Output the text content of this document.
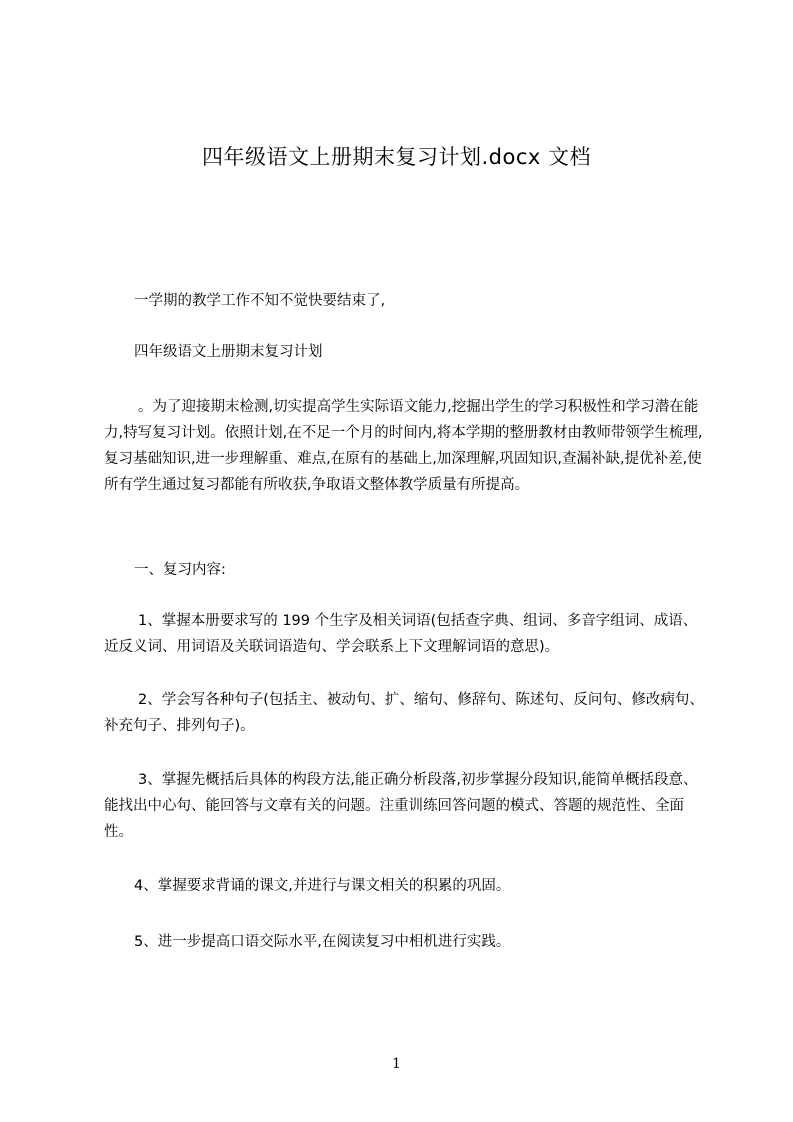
四年级语文上册期末复习计划.docx 文档

一学期的教学工作不知不觉快要结束了,

四年级语文上册期末复习计划

。为了迎接期末检测,切实提高学生实际语文能力,挖掘出学生的学习积极性和学习潜在能力,特写复习计划。依照计划,在不足一个月的时间内,将本学期的整册教材由教师带领学生梳理,复习基础知识,进一步理解重、难点,在原有的基础上,加深理解,巩固知识,查漏补缺,提优补差,使所有学生通过复习都能有所收获,争取语文整体教学质量有所提高。

一、复习内容:

1、掌握本册要求写的 199 个生字及相关词语(包括查字典、组词、多音字组词、成语、近反义词、用词语及关联词语造句、学会联系上下文理解词语的意思)。

2、学会写各种句子(包括主、被动句、扩、缩句、修辞句、陈述句、反问句、修改病句、补充句子、排列句子)。

3、掌握先概括后具体的构段方法,能正确分析段落,初步掌握分段知识,能简单概括段意、能找出中心句、能回答与文章有关的问题。注重训练回答问题的模式、答题的规范性、全面性。

4、掌握要求背诵的课文,并进行与课文相关的积累的巩固。

5、进一步提高口语交际水平,在阅读复习中相机进行实践。

1
